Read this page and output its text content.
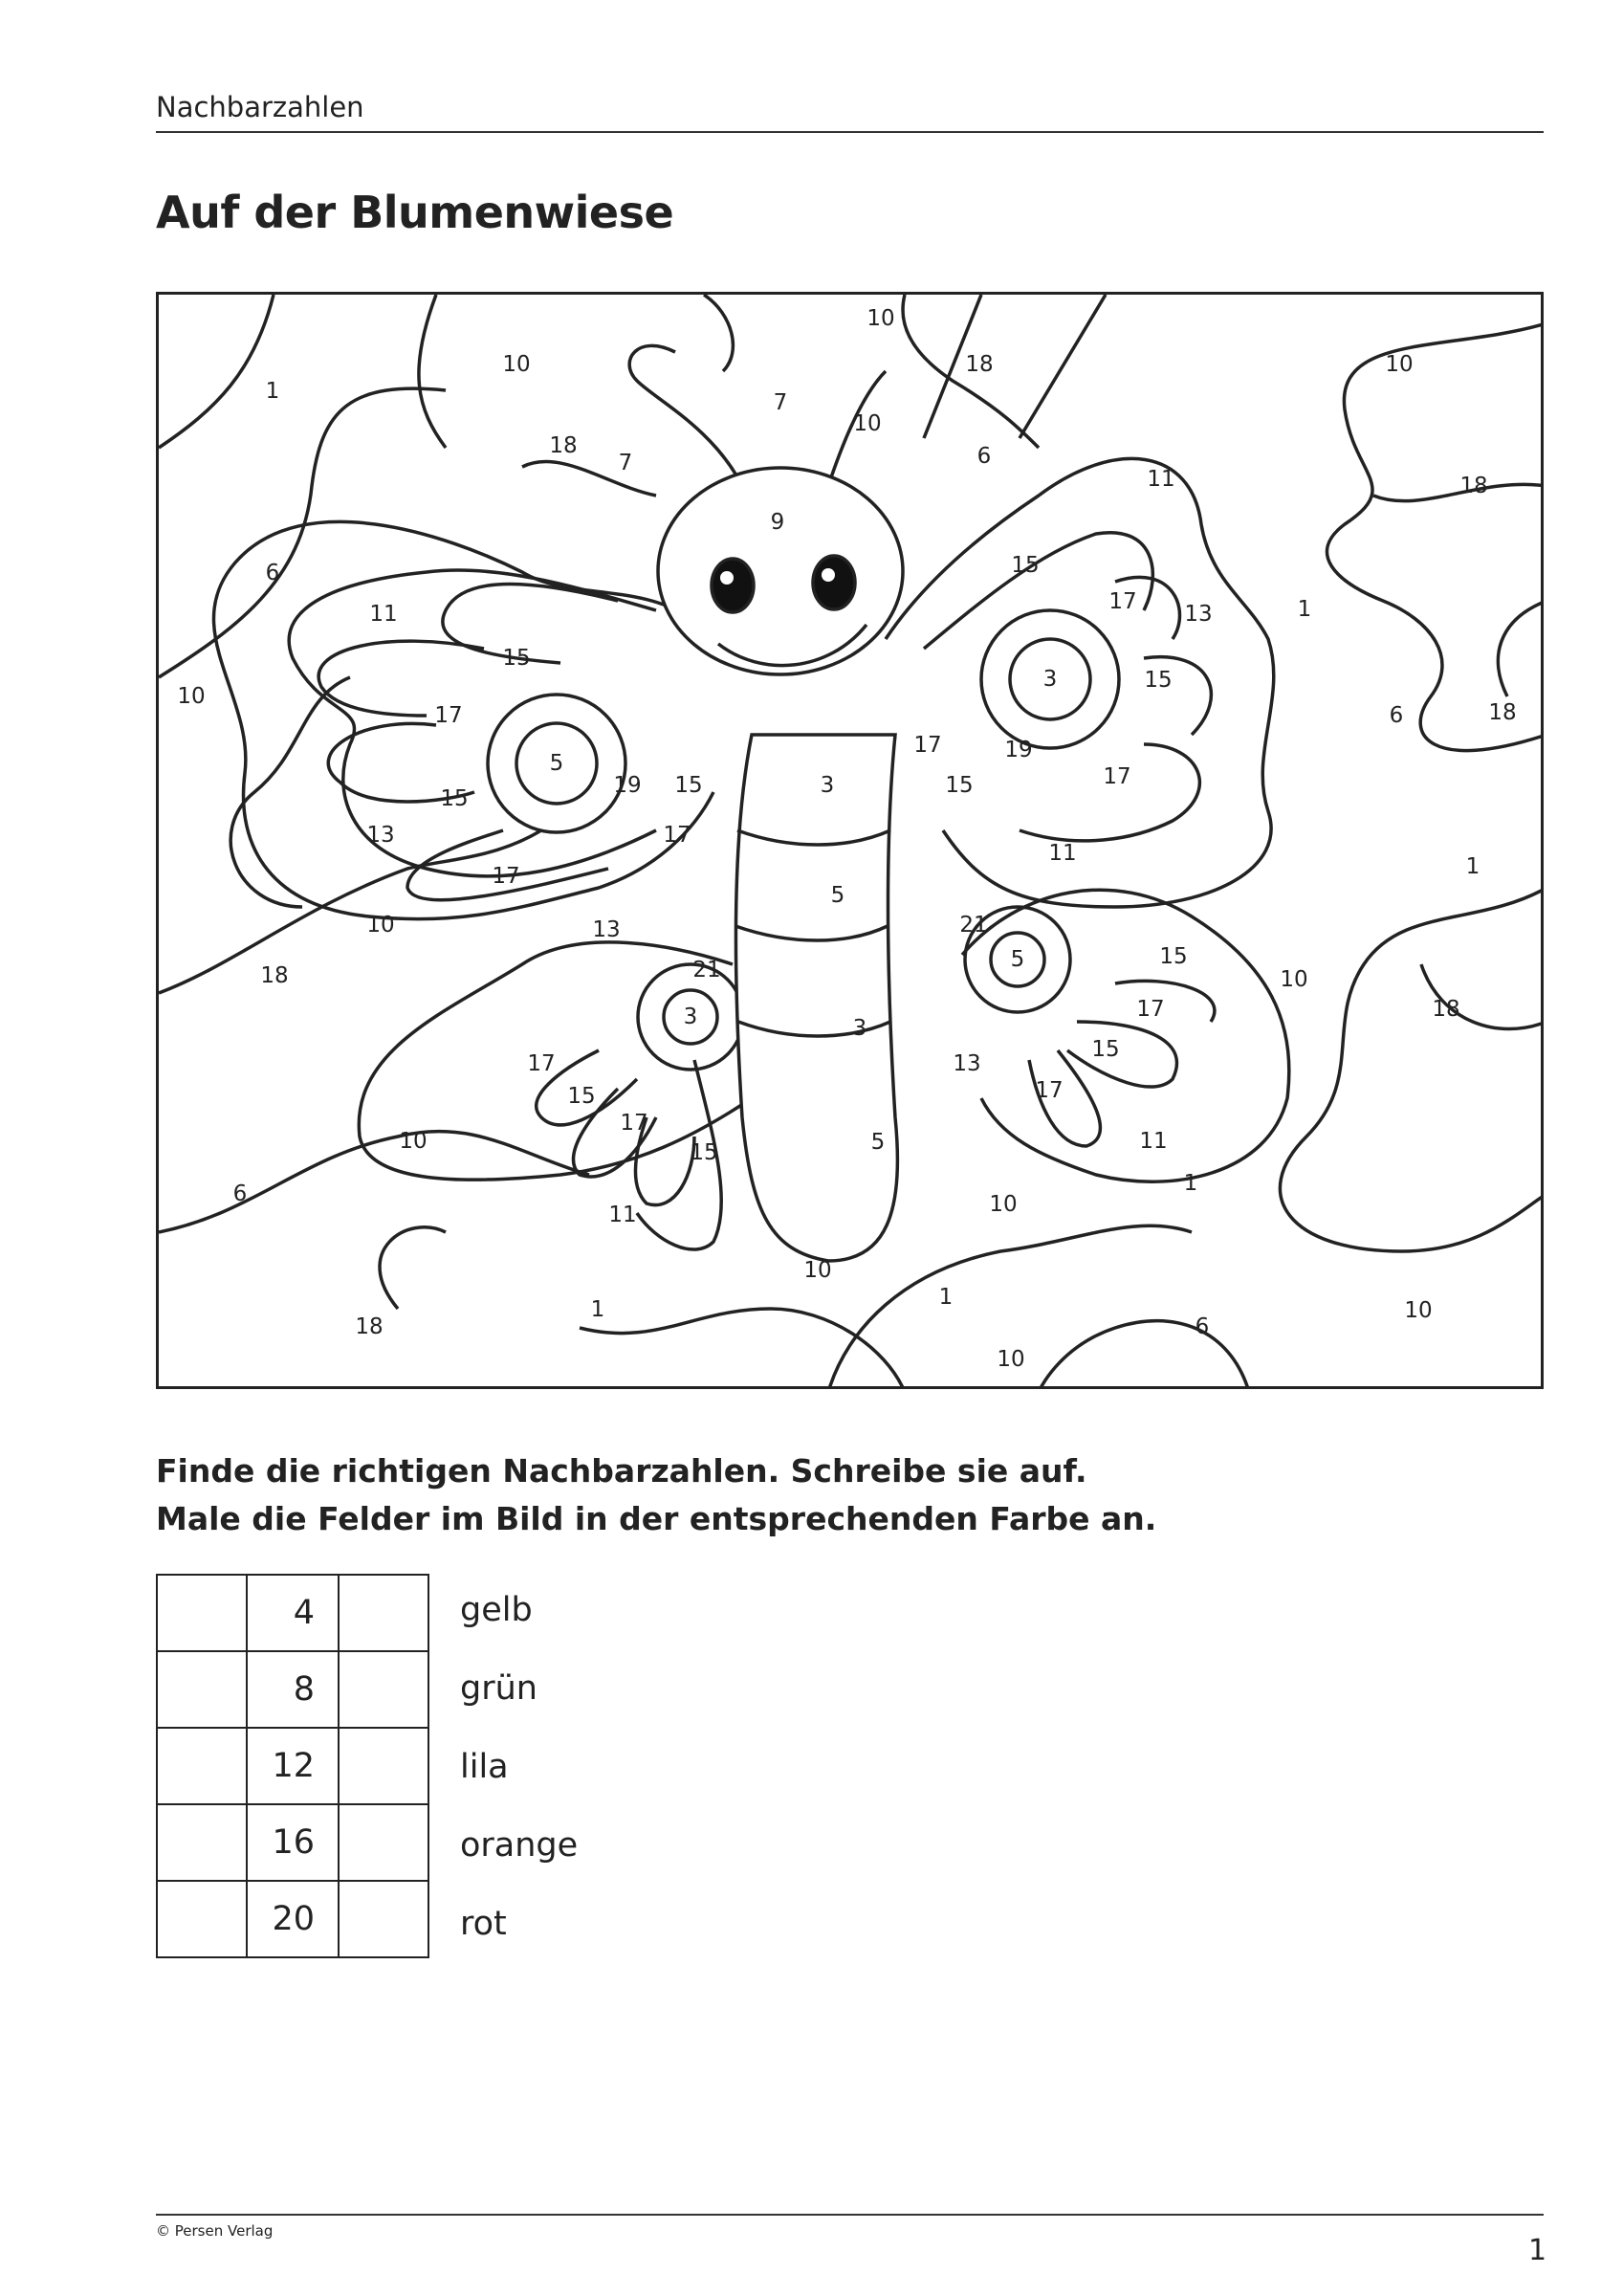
Nachbarzahlen
Auf der Blumenwiese
10
10	18	10
1	7
10
18
7	6
11	18
9
6	15
17 13	1
11
15
3	15
10
17	6	18
5
19 15	3
17	19
15	17
15
13	17
11
1
17
5
10	13	21
5	15
21
18	10
3	17	18
3
15
17	13
15	17
17
10	5	11
15
1
6	10
11
10
1
1	10
18	6
10
Finde die richtigen Nachbarzahlen. Schreibe sie auf.
Male die Felder im Bild in der entsprechenden Farbe an.
	4	
	8	
	12	
	16	
	20	
gelb
grün
lila
orange
rot
© Persen Verlag
1
